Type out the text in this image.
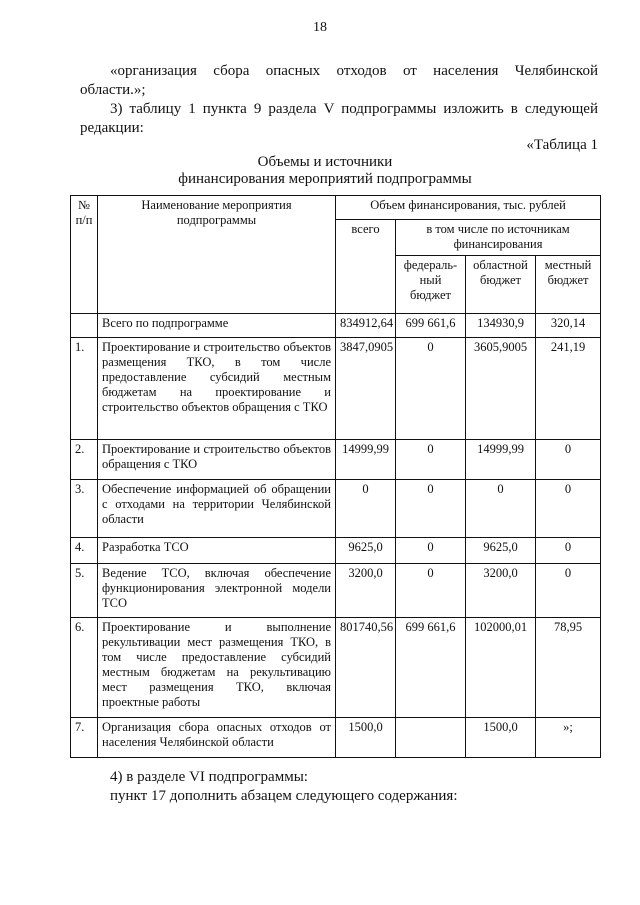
18
«организация сбора опасных отходов от населения Челябинской
области.»;
3) таблицу 1 пункта 9 раздела V подпрограммы изложить в следующей
редакции:
«Таблица 1
Объемы и источники
финансирования мероприятий подпрограммы
№ п/п	Наименование мероприятия подпрограммы	Объем финансирования, тыс. рублей			
		всего	в том числе по источникам финансирования		
			федераль-ный бюджет	областной бюджет	местный бюджет
	Всего по подпрограмме	834912,64	699 661,6	134930,9	320,14
1.	Проектирование и строительство объектов размещения ТКО, в том числе предоставление субсидий местным бюджетам на проектирование и строительство объектов обращения с ТКО	3847,0905	0	3605,9005	241,19
2.	Проектирование и строительство объектов обращения с ТКО	14999,99	0	14999,99	0
3.	Обеспечение информацией об обращении с отходами на территории Челябинской области	0	0	0	0
4.	Разработка ТСО	9625,0	0	9625,0	0
5.	Ведение ТСО, включая обеспечение функционирования электронной модели ТСО	3200,0	0	3200,0	0
6.	Проектирование и выполнение рекультивации мест размещения ТКО, в том числе предоставление субсидий местным бюджетам на рекультивацию мест размещения ТКО, включая проектные работы	801740,56	699 661,6	102000,01	78,95
7.	Организация сбора опасных отходов от населения Челябинской области	1500,0		1500,0	»;
4) в разделе VI подпрограммы:
пункт 17 дополнить абзацем следующего содержания:
